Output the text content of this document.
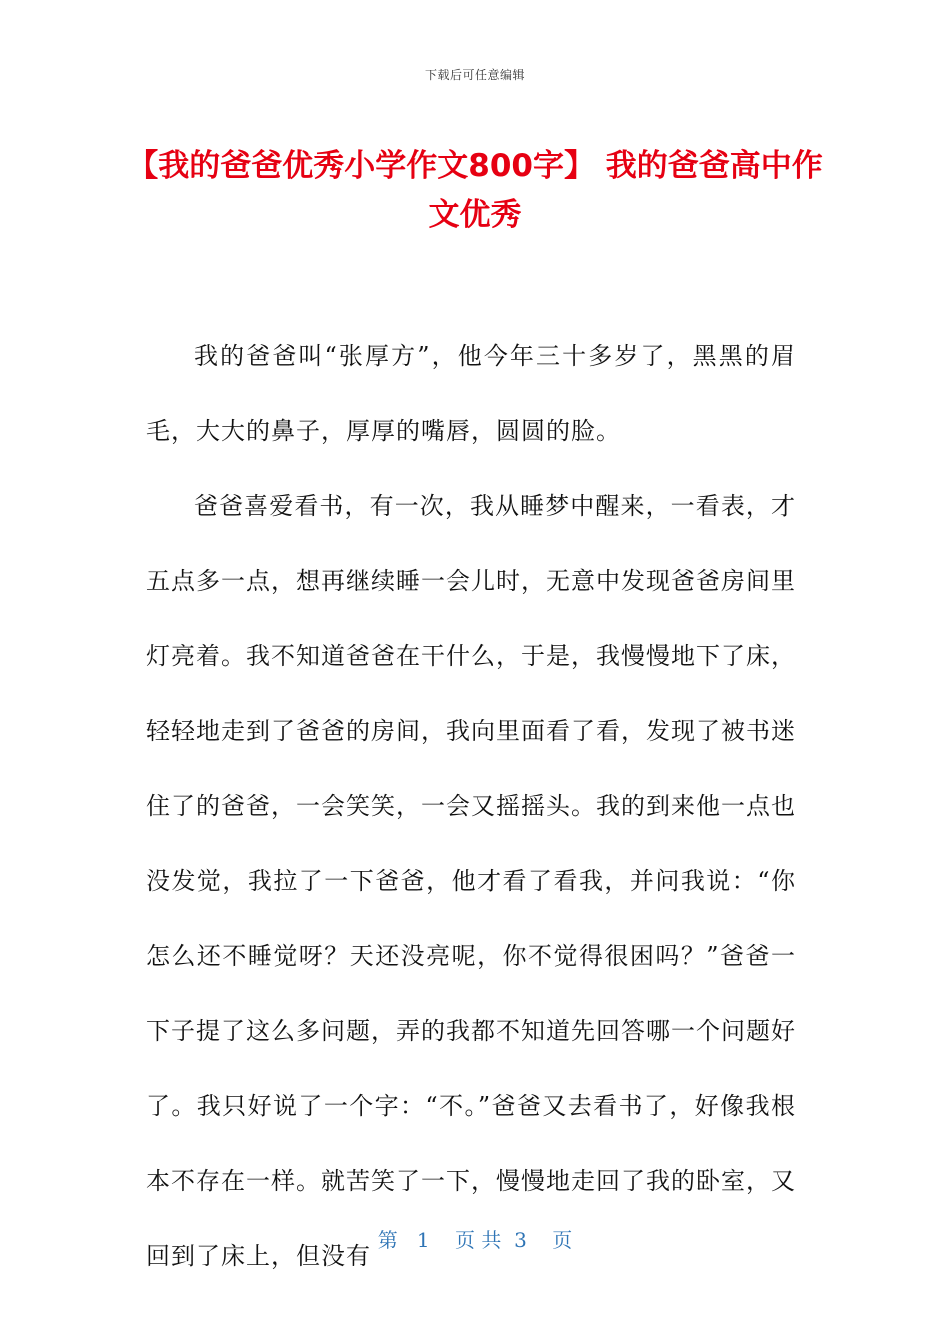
下载后可任意编辑
【我的爸爸优秀小学作文800字】 我的爸爸高中作文优秀

我的爸爸叫“张厚方”，他今年三十多岁了，黑黑的眉毛，大大的鼻子，厚厚的嘴唇，圆圆的脸。

爸爸喜爱看书，有一次，我从睡梦中醒来，一看表，才五点多一点，想再继续睡一会儿时，无意中发现爸爸房间里灯亮着。我不知道爸爸在干什么，于是，我慢慢地下了床，轻轻地走到了爸爸的房间，我向里面看了看，发现了被书迷住了的爸爸，一会笑笑，一会又摇摇头。我的到来他一点也没发觉，我拉了一下爸爸，他才看了看我，并问我说：“你怎么还不睡觉呀？天还没亮呢，你不觉得很困吗？”爸爸一下子提了这么多问题，弄的我都不知道先回答哪一个问题好了。我只好说了一个字：“不。”爸爸又去看书了，好像我根本不存在一样。就苦笑了一下，慢慢地走回了我的卧室，又回到了床上，但没有

第   1    页 共  3    页
